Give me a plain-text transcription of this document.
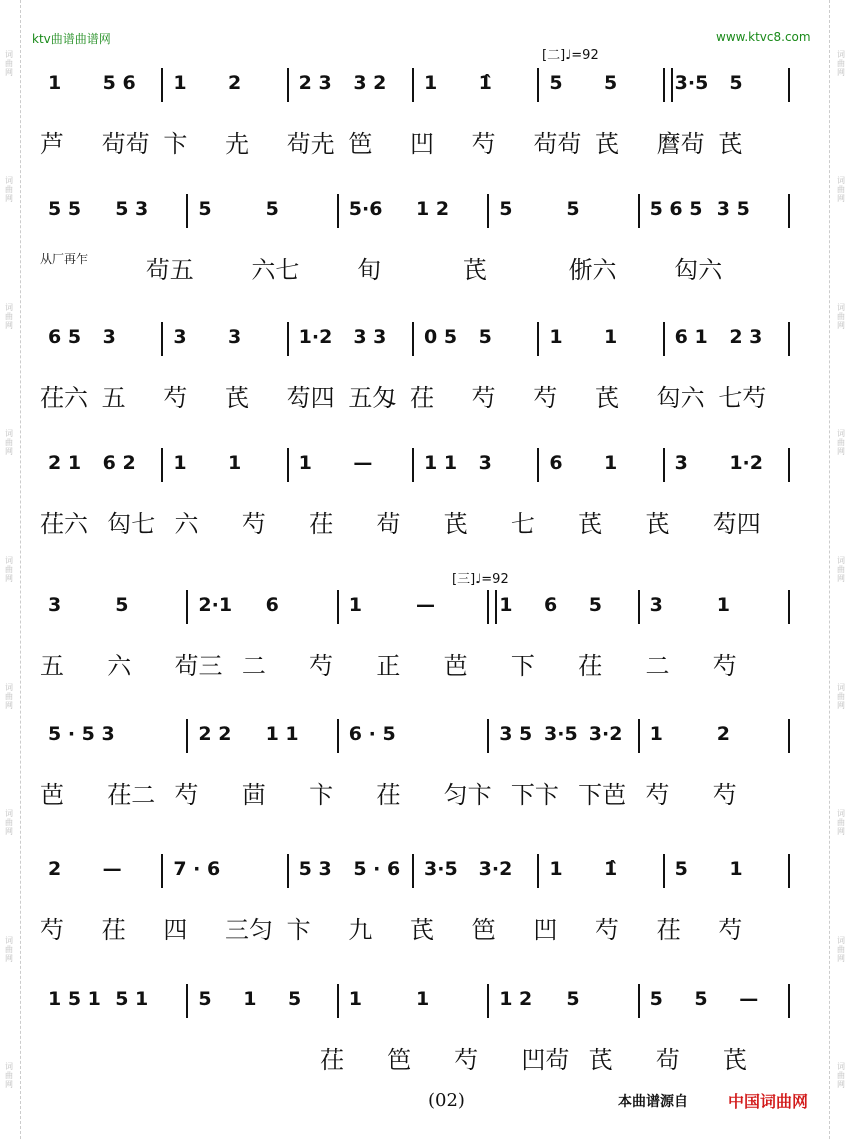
词曲网
词曲网
词曲网
词曲网
词曲网
词曲网
词曲网
词曲网
词曲网
词曲网
词曲网
词曲网
词曲网
词曲网
词曲网
词曲网
词曲网
词曲网
ktv曲谱曲谱网	www.ktvc8.com
[二]♩=92
[三]♩=92
1 5 6 1 2	2 3 3 2 1 1̂	5 5	3·5 5
芦 茍茍 卞 圥 茍圥 笆 凹 芍 茍茍 芪 麿茍 芪
5 5 5 3	5	5	5·6 1 2	5	5	5 6 5 3 5
从厂再乍 茍五 六七 旬	芪	㑜六 匃六
6 5 3	3 3	1·2 3 3 0 5 5	1 1	6 1 2 3
茌六 五 芍 芪 芶四 五匁 茌 芍 芍 芪 匃六 七芍
2 1 6 2 1 1	1 —	1 1 3	6 1	3 1·2
茌六 匃七 六 芍 茌 茍 芪 七 芪 芪 芶四
3	5	2·1 6	1	—	1 6 5	3	1
五 六 茍三 二 芍 正 芭 下 茌 二 芍
5 · 5 3	2 2 1 1	6 · 5	3 5 3·5 3·2 1	2
芭 茌二 芍 茴 卞 茌 匀卞 下卞 下芭 芍 芍
2 —	7 · 6	5 3 5 · 6 3·5 3·2 1 1̂	5 1
芍 茌 四 三匀 卞 九 芪 笆 凹 芍 茌 芍
1 5 1 5 1	5 1 5	1	1	1 2 5	5 5 —
茌 笆 芍 凹茍 芪 茍 芪
(02)	本曲谱源自	中国词曲网
